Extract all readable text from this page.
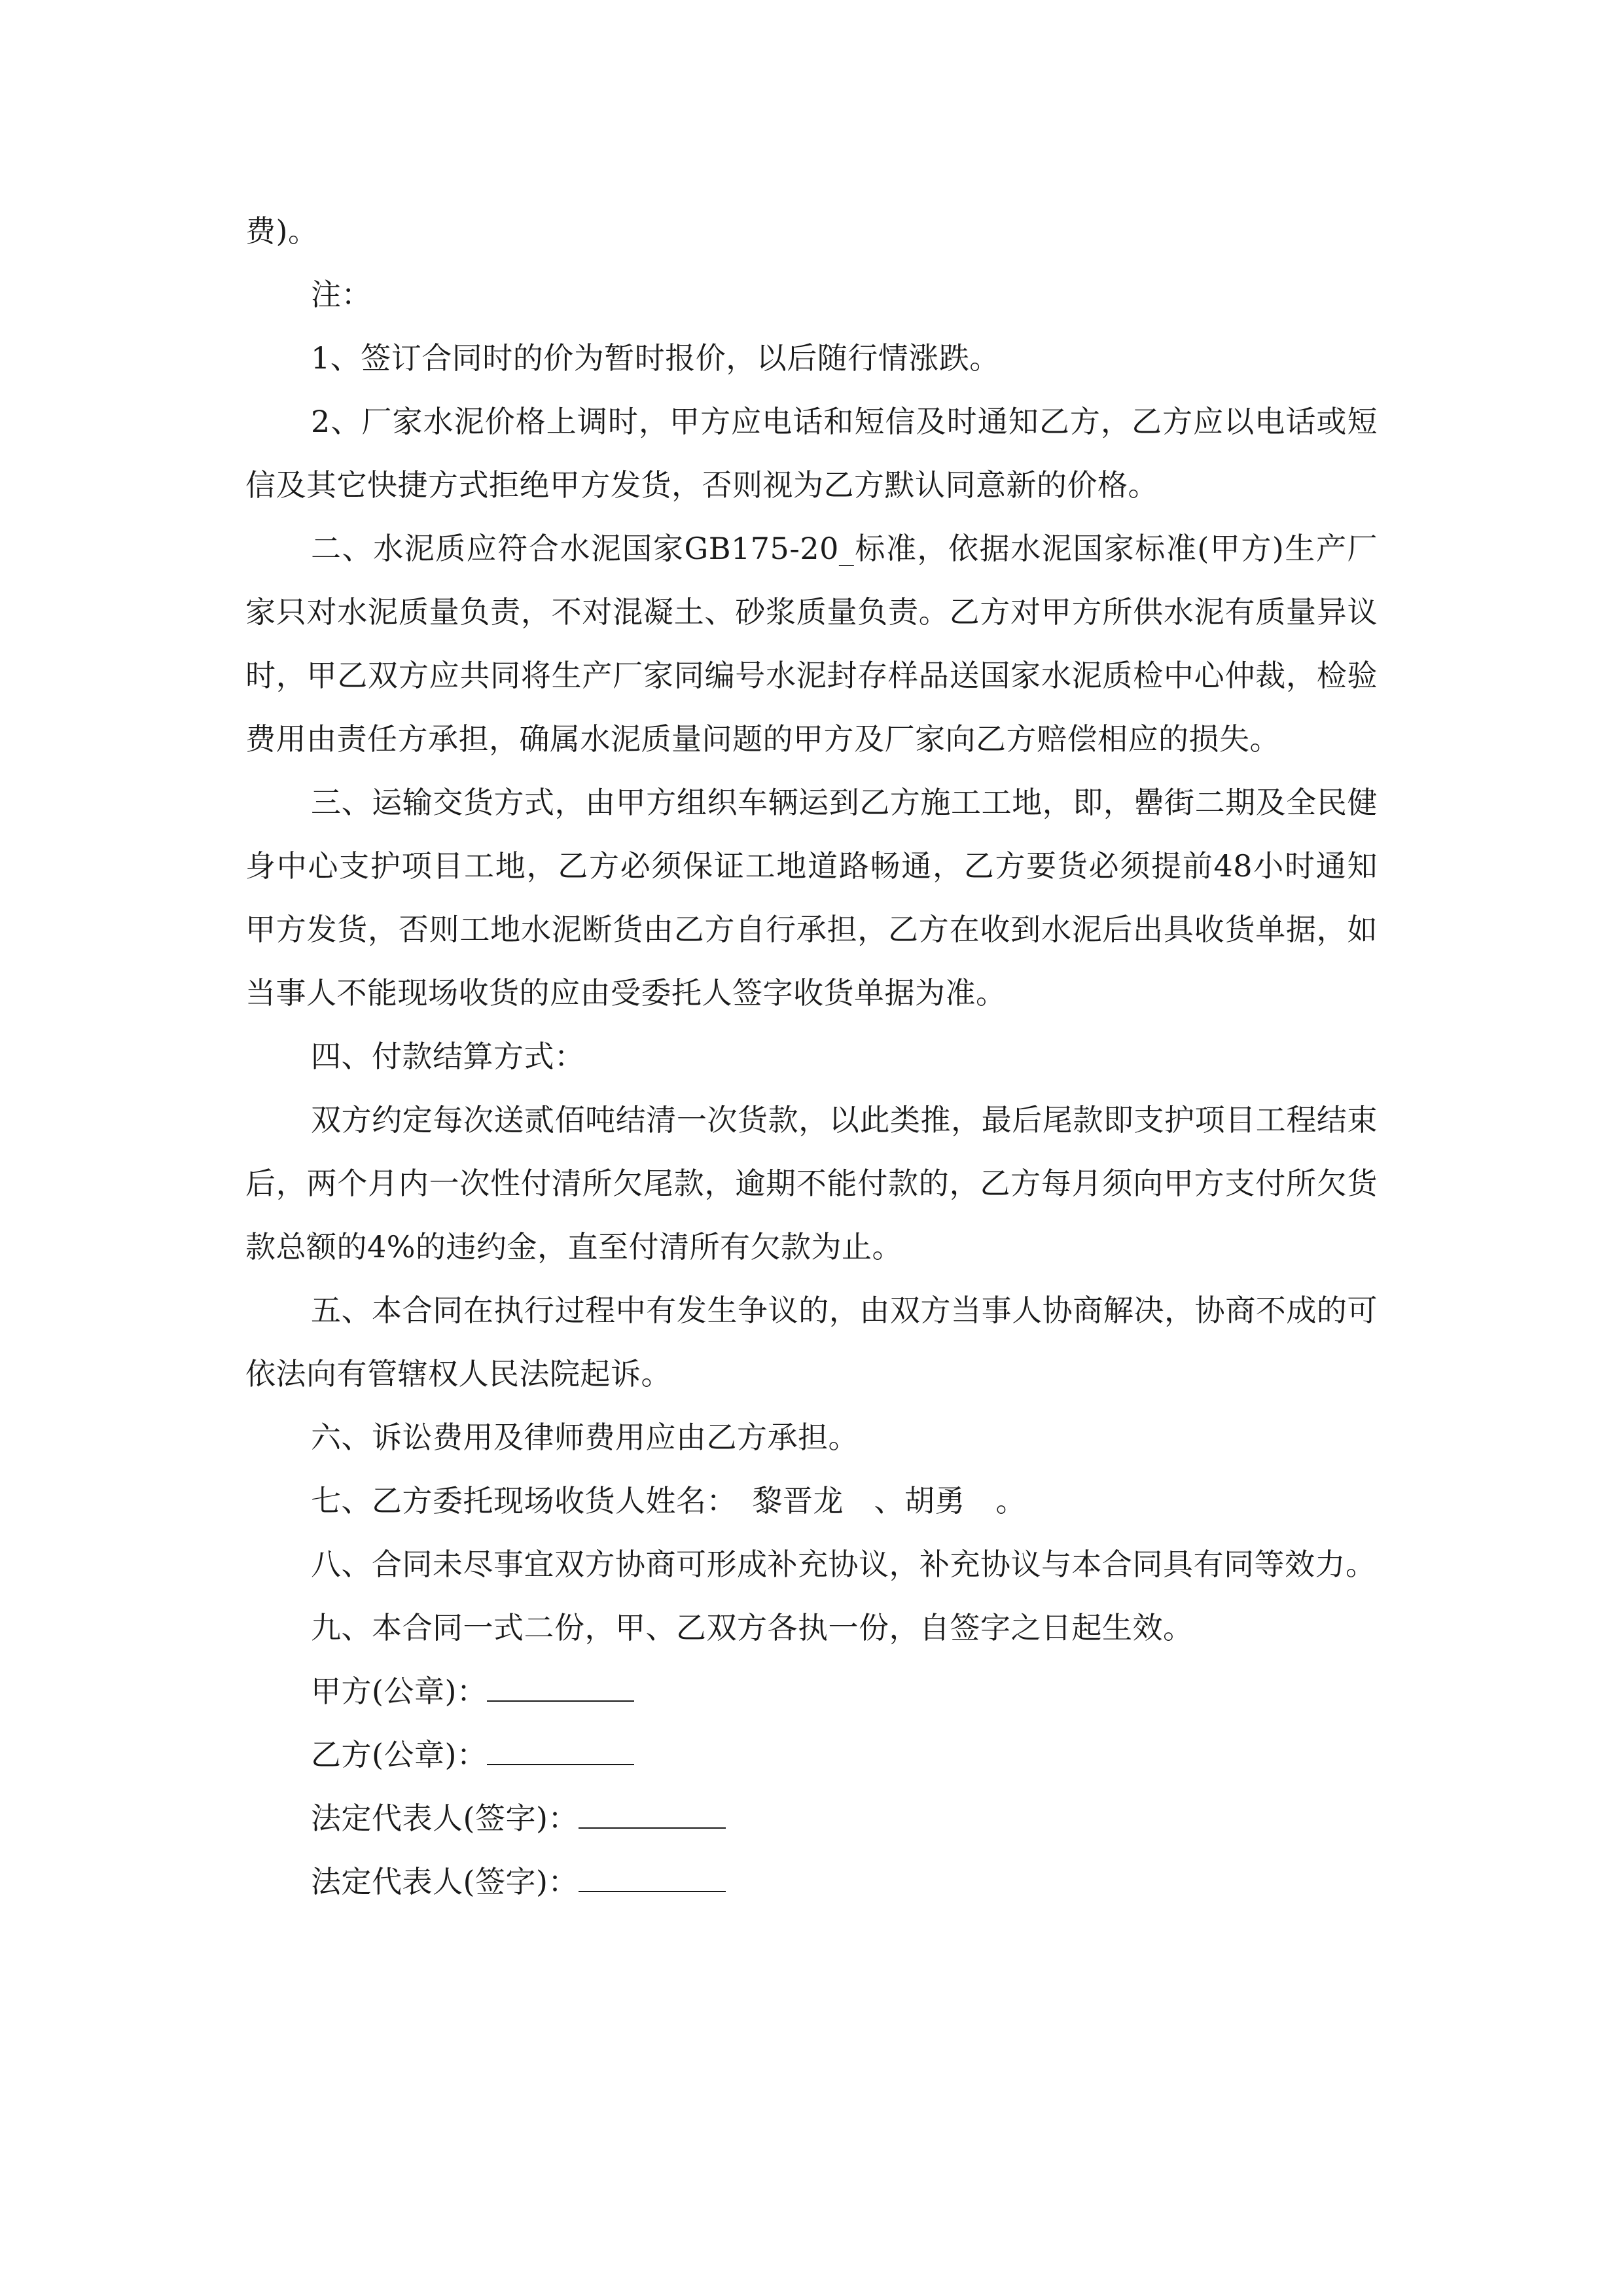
费)。

注：

1、签订合同时的价为暂时报价，以后随行情涨跌。

2、厂家水泥价格上调时，甲方应电话和短信及时通知乙方，乙方应以电话或短信及其它快捷方式拒绝甲方发货，否则视为乙方默认同意新的价格。

二、水泥质应符合水泥国家GB175-20_标准，依据水泥国家标准(甲方)生产厂家只对水泥质量负责，不对混凝土、砂浆质量负责。乙方对甲方所供水泥有质量异议时，甲乙双方应共同将生产厂家同编号水泥封存样品送国家水泥质检中心仲裁，检验费用由责任方承担，确属水泥质量问题的甲方及厂家向乙方赔偿相应的损失。

三、运输交货方式，由甲方组织车辆运到乙方施工工地，即，罍街二期及全民健身中心支护项目工地，乙方必须保证工地道路畅通，乙方要货必须提前48小时通知甲方发货，否则工地水泥断货由乙方自行承担，乙方在收到水泥后出具收货单据，如当事人不能现场收货的应由受委托人签字收货单据为准。

四、付款结算方式：

双方约定每次送贰佰吨结清一次货款，以此类推，最后尾款即支护项目工程结束后，两个月内一次性付清所欠尾款，逾期不能付款的，乙方每月须向甲方支付所欠货款总额的4%的违约金，直至付清所有欠款为止。

五、本合同在执行过程中有发生争议的，由双方当事人协商解决，协商不成的可依法向有管辖权人民法院起诉。

六、诉讼费用及律师费用应由乙方承担。

七、乙方委托现场收货人姓名：　黎晋龙　、胡勇　。

八、合同未尽事宜双方协商可形成补充协议，补充协议与本合同具有同等效力。

九、本合同一式二份，甲、乙双方各执一份，自签字之日起生效。

甲方(公章)：

乙方(公章)：

法定代表人(签字)：

法定代表人(签字)：
